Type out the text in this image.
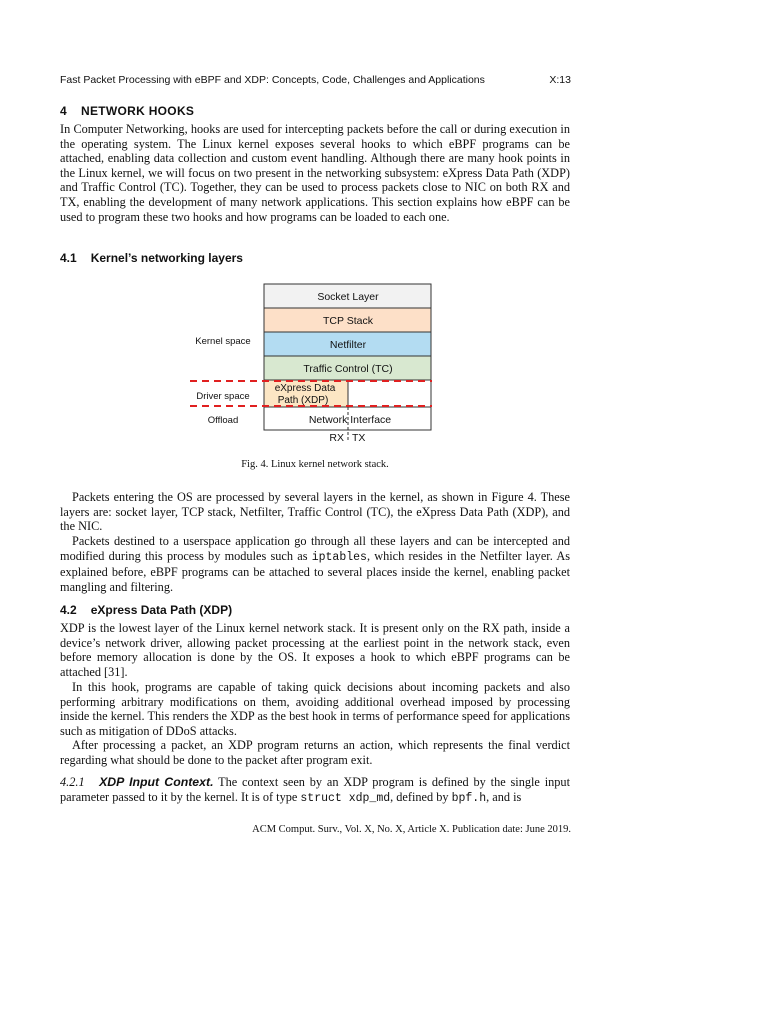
Fast Packet Processing with eBPF and XDP: Concepts, Code, Challenges and Applications	X:13
4 NETWORK HOOKS
In Computer Networking, hooks are used for intercepting packets before the call or during execution in the operating system. The Linux kernel exposes several hooks to which eBPF programs can be attached, enabling data collection and custom event handling. Although there are many hook points in the Linux kernel, we will focus on two present in the networking subsystem: eXpress Data Path (XDP) and Traffic Control (TC). Together, they can be used to process packets close to NIC on both RX and TX, enabling the development of many network applications. This section explains how eBPF can be used to program these two hooks and how programs can be loaded to each one.
4.1 Kernel’s networking layers
Socket Layer
TCP Stack
Netfilter
Traffic Control (TC)
eXpress Data
Path (XDP)
Network Interface
Kernel space
Driver space
Offload
RX TX
Fig. 4. Linux kernel network stack.
Packets entering the OS are processed by several layers in the kernel, as shown in Figure 4. These layers are: socket layer, TCP stack, Netfilter, Traffic Control (TC), the eXpress Data Path (XDP), and the NIC.
Packets destined to a userspace application go through all these layers and can be intercepted and modified during this process by modules such as iptables, which resides in the Netfilter layer. As explained before, eBPF programs can be attached to several places inside the kernel, enabling packet mangling and filtering.
4.2 eXpress Data Path (XDP)
XDP is the lowest layer of the Linux kernel network stack. It is present only on the RX path, inside a device’s network driver, allowing packet processing at the earliest point in the network stack, even before memory allocation is done by the OS. It exposes a hook to which eBPF programs can be attached [31].
In this hook, programs are capable of taking quick decisions about incoming packets and also performing arbitrary modifications on them, avoiding additional overhead imposed by processing inside the kernel. This renders the XDP as the best hook in terms of performance speed for applications such as mitigation of DDoS attacks.
After processing a packet, an XDP program returns an action, which represents the final verdict regarding what should be done to the packet after program exit.
4.2.1 XDP Input Context. The context seen by an XDP program is defined by the single input parameter passed to it by the kernel. It is of type struct xdp_md, defined by bpf.h, and is
ACM Comput. Surv., Vol. X, No. X, Article X. Publication date: June 2019.
